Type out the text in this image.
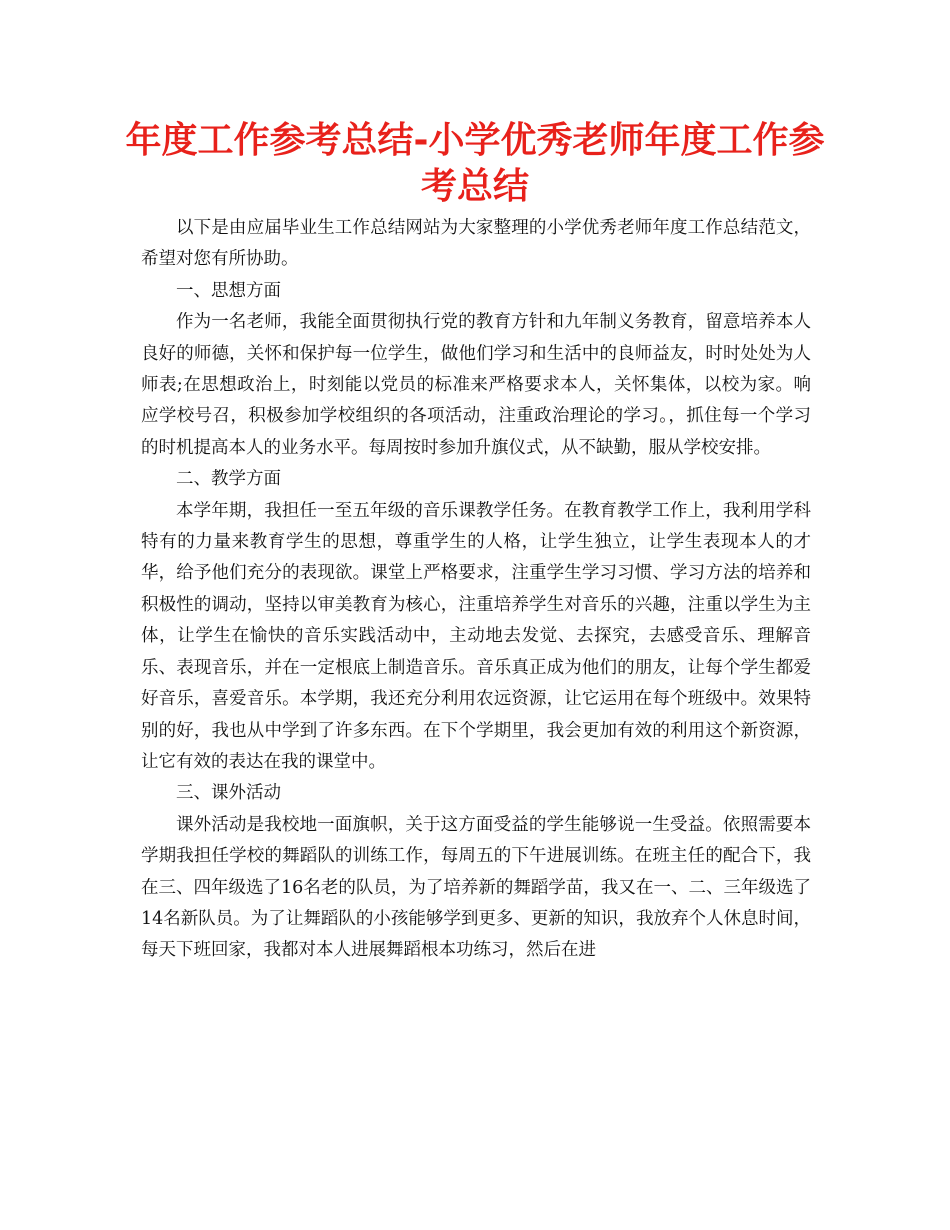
年度工作参考总结-小学优秀老师年度工作参考总结

以下是由应届毕业生工作总结网站为大家整理的小学优秀老师年度工作总结范文，希望对您有所协助。

一、思想方面

作为一名老师，我能全面贯彻执行党的教育方针和九年制义务教育，留意培养本人良好的师德，关怀和保护每一位学生，做他们学习和生活中的良师益友，时时处处为人师表;在思想政治上，时刻能以党员的标准来严格要求本人，关怀集体，以校为家。响应学校号召，积极参加学校组织的各项活动，注重政治理论的学习。，抓住每一个学习的时机提高本人的业务水平。每周按时参加升旗仪式，从不缺勤，服从学校安排。

二、教学方面

本学年期，我担任一至五年级的音乐课教学任务。在教育教学工作上，我利用学科特有的力量来教育学生的思想，尊重学生的人格，让学生独立，让学生表现本人的才华，给予他们充分的表现欲。课堂上严格要求，注重学生学习习惯、学习方法的培养和积极性的调动，坚持以审美教育为核心，注重培养学生对音乐的兴趣，注重以学生为主体，让学生在愉快的音乐实践活动中，主动地去发觉、去探究，去感受音乐、理解音乐、表现音乐，并在一定根底上制造音乐。音乐真正成为他们的朋友，让每个学生都爱好音乐，喜爱音乐。本学期，我还充分利用农远资源，让它运用在每个班级中。效果特别的好，我也从中学到了许多东西。在下个学期里，我会更加有效的利用这个新资源，让它有效的表达在我的课堂中。

三、课外活动

课外活动是我校地一面旗帜，关于这方面受益的学生能够说一生受益。依照需要本学期我担任学校的舞蹈队的训练工作，每周五的下午进展训练。在班主任的配合下，我在三、四年级选了16名老的队员，为了培养新的舞蹈学苗，我又在一、二、三年级选了14名新队员。为了让舞蹈队的小孩能够学到更多、更新的知识，我放弃个人休息时间，每天下班回家，我都对本人进展舞蹈根本功练习，然后在进
